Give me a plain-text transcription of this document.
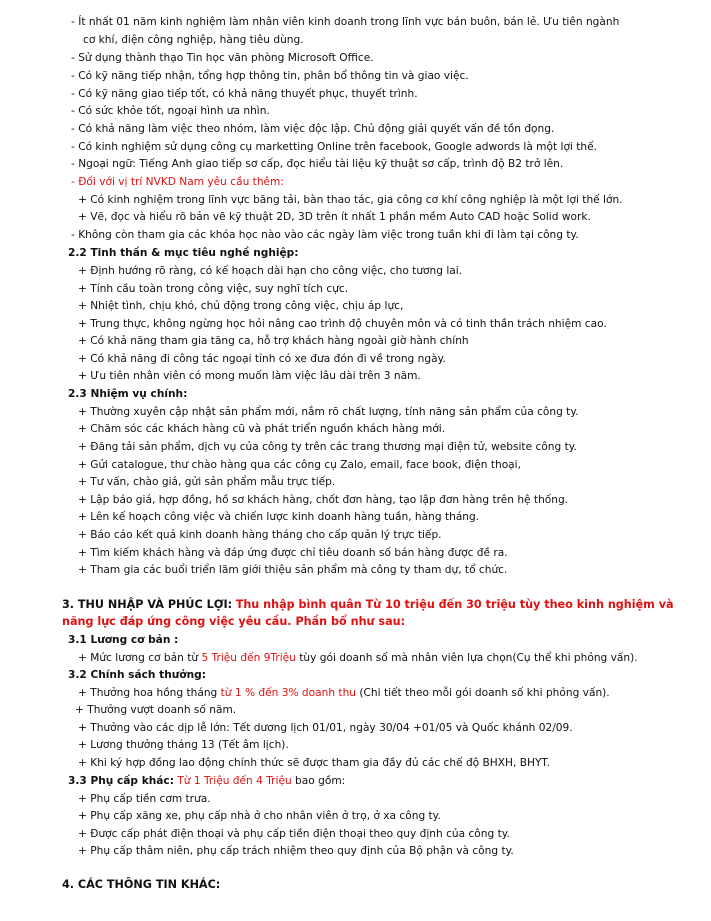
- Ít nhất 01 năm kinh nghiệm làm nhân viên kinh doanh trong lĩnh vực bán buôn, bán lẻ. Ưu tiên ngành
cơ khí, điện công nghiệp, hàng tiêu dùng.
- Sử dụng thành thạo Tin học văn phòng Microsoft Office.
- Có kỹ năng tiếp nhận, tổng hợp thông tin, phân bổ thông tin và giao việc.
- Có kỹ năng giao tiếp tốt, có khả năng thuyết phục, thuyết trình.
- Có sức khỏe tốt, ngoại hình ưa nhìn.
- Có khả năng làm việc theo nhóm, làm việc độc lập. Chủ động giải quyết vấn đề tồn đọng.
- Có kinh nghiệm sử dụng công cụ marketting Online trên facebook, Google adwords là một lợi thế.
- Ngoại ngữ: Tiếng Anh giao tiếp sơ cấp, đọc hiểu tài liệu kỹ thuật sơ cấp, trình độ B2 trở lên.
- Đối với vị trí NVKD Nam yêu cầu thêm:
+ Có kinh nghiệm trong lĩnh vực băng tải, bàn thao tác, gia công cơ khí công nghiệp là một lợi thế lớn.
+ Vẽ, đọc và hiểu rõ bản vẽ kỹ thuật 2D, 3D trên ít nhất 1 phần mềm Auto CAD hoặc Solid work.
- Không còn tham gia các khóa học nào vào các ngày làm việc trong tuần khi đi làm tại công ty.
2.2 Tinh thần & mục tiêu nghề nghiệp:
+ Định hướng rõ ràng, có kế hoạch dài hạn cho công việc, cho tương lai.
+ Tính cầu toàn trong công việc, suy nghĩ tích cực.
+ Nhiệt tình, chịu khó, chủ động trong công việc, chịu áp lực,
+ Trung thực, không ngừng học hỏi nâng cao trình độ chuyên môn và có tinh thần trách nhiệm cao.
+ Có khả năng tham gia tăng ca, hỗ trợ khách hàng ngoài giờ hành chính
+ Có khả năng đi công tác ngoại tỉnh có xe đưa đón đi về trong ngày.
+ Ưu tiên nhân viên có mong muốn làm việc lâu dài trên 3 năm.
2.3 Nhiệm vụ chính:
+ Thường xuyên cập nhật sản phẩm mới, nắm rõ chất lượng, tính năng sản phẩm của công ty.
+ Chăm sóc các khách hàng cũ và phát triển nguồn khách hàng mới.
+ Đăng tải sản phẩm, dịch vụ của công ty trên các trang thương mại điện tử, website công ty.
+ Gửi catalogue, thư chào hàng qua các công cụ Zalo, email, face book, điện thoại,
+ Tư vấn, chào giá, gửi sản phẩm mẫu trực tiếp.
+ Lập báo giá, hợp đồng, hồ sơ khách hàng, chốt đơn hàng, tạo lập đơn hàng trên hệ thống.
+ Lên kế hoạch công việc và chiến lược kinh doanh hàng tuần, hàng tháng.
+ Báo cáo kết quả kinh doanh hàng tháng cho cấp quản lý trực tiếp.
+ Tìm kiếm khách hàng và đáp ứng được chỉ tiêu doanh số bán hàng được đề ra.
+ Tham gia các buổi triển lãm giới thiệu sản phẩm mà công ty tham dự, tổ chức.
3. THU NHẬP VÀ PHÚC LỢI: Thu nhập bình quân Từ 10 triệu đến 30 triệu tùy theo kinh nghiệm và
năng lực đáp ứng công việc yêu cầu. Phần bổ như sau:
3.1 Lương cơ bản :
+ Mức lương cơ bản từ 5 Triệu đến 9Triệu tùy gói doanh số mà nhân viên lựa chọn(Cụ thể khi phỏng vấn).
3.2 Chính sách thưởng:
+ Thưởng hoa hồng tháng từ 1 % đến 3% doanh thu (Chi tiết theo mỗi gói doanh số khi phỏng vấn).
+ Thưởng vượt doanh số năm.
+ Thưởng vào các dịp lễ lớn: Tết dương lịch 01/01, ngày 30/04 +01/05 và Quốc khánh 02/09.
+ Lương thưởng tháng 13 (Tết âm lịch).
+ Khi ký hợp đồng lao động chính thức sẽ được tham gia đầy đủ các chế độ BHXH, BHYT.
3.3 Phụ cấp khác: Từ 1 Triệu đến 4 Triệu bao gồm:
+ Phụ cấp tiền cơm trưa.
+ Phụ cấp xăng xe, phụ cấp nhà ở cho nhân viên ở trọ, ở xa công ty.
+ Được cấp phát điện thoại và phụ cấp tiền điện thoại theo quy định của công ty.
+ Phụ cấp thâm niên, phụ cấp trách nhiệm theo quy định của Bộ phận và công ty.
4. CÁC THÔNG TIN KHÁC:
